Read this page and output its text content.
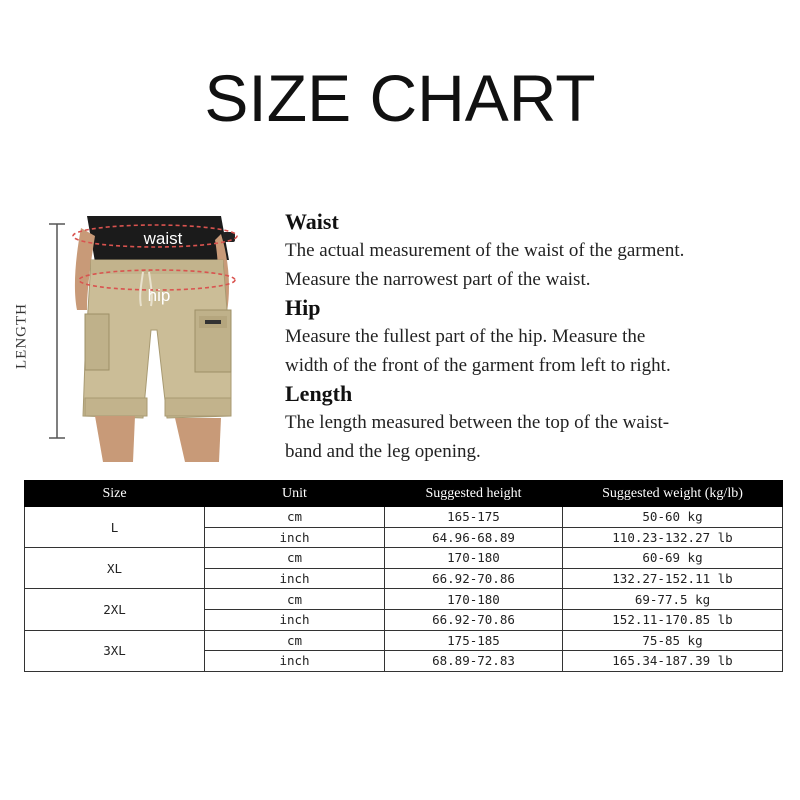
SIZE CHART
LENGTH
waist
hip
Waist
The actual measurement of the waist of the garment.
Measure the narrowest part of the waist.
Hip
Measure the fullest part of the hip. Measure the
width of the front of the garment from left to right.
Length
The length measured between the top of the waist-
band and the leg opening.
Size	Unit	Suggested height	Suggested weight (kg/lb)
L	cm	165-175	50-60 kg
	inch	64.96-68.89	110.23-132.27 lb
XL	cm	170-180	60-69 kg
	inch	66.92-70.86	132.27-152.11 lb
2XL	cm	170-180	69-77.5 kg
	inch	66.92-70.86	152.11-170.85 lb
3XL	cm	175-185	75-85 kg
	inch	68.89-72.83	165.34-187.39 lb
